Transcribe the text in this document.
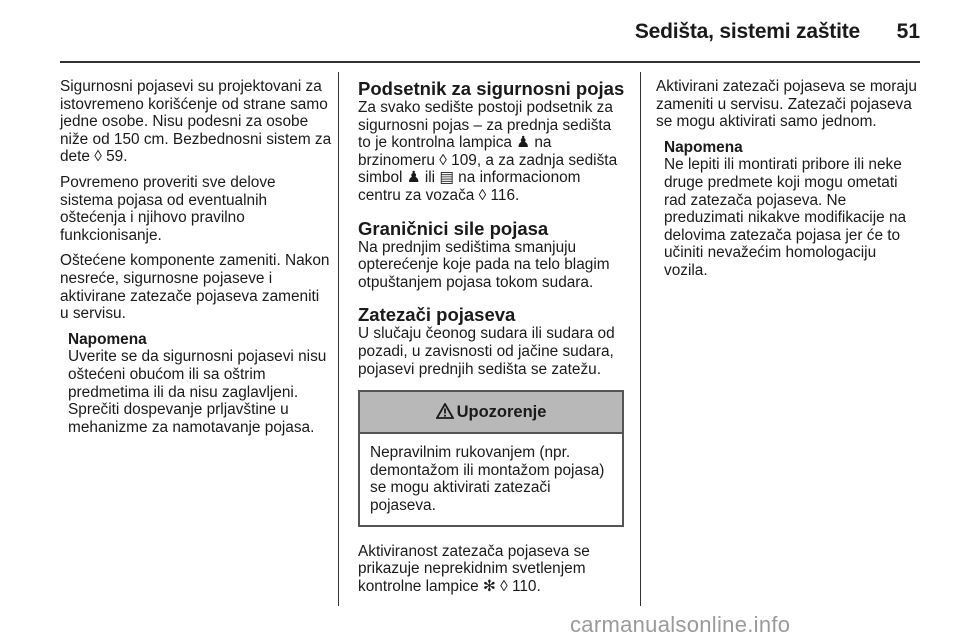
Sedišta, sistemi zaštite 51

Sigurnosni pojasevi su projektovani za istovremeno korišćenje od strane samo jedne osobe. Nisu podesni za osobe niže od 150 cm. Bezbednosni sistem za dete ◊ 59.

Povremeno proveriti sve delove sistema pojasa od eventualnih oštećenja i njihovo pravilno funkcionisanje.

Oštećene komponente zameniti. Nakon nesreće, sigurnosne pojaseve i aktivirane zatezače pojaseva zameniti u servisu.

Napomena
Uverite se da sigurnosni pojasevi nisu oštećeni obućom ili sa oštrim predmetima ili da nisu zaglavljeni. Sprečiti dospevanje prljavštine u mehanizme za namotavanje pojasa.
Podsetnik za sigurnosni pojas

Za svako sedište postoji podsetnik za sigurnosni pojas – za prednja sedišta to je kontrolna lampica ♟ na brzinomeru ◊ 109, a za zadnja sedišta simbol ♟ ili ▤ na informacionom centru za vozača ◊ 116.

Graničnici sile pojasa

Na prednjim sedištima smanjuju opterećenje koje pada na telo blagim otpuštanjem pojasa tokom sudara.

Zatezači pojaseva

U slučaju čeonog sudara ili sudara od pozadi, u zavisnosti od jačine sudara, pojasevi prednjih sedišta se zatežu.

Upozorenje
Nepravilnim rukovanjem (npr. demontažom ili montažom pojasa) se mogu aktivirati zatezači pojaseva.

Aktiviranost zatezača pojaseva se prikazuje neprekidnim svetlenjem kontrolne lampice ✻ ◊ 110.

Aktivirani zatezači pojaseva se moraju zameniti u servisu. Zatezači pojaseva se mogu aktivirati samo jednom.

Napomena
Ne lepiti ili montirati pribore ili neke druge predmete koji mogu ometati rad zatezača pojaseva. Ne preduzimati nikakve modifikacije na delovima zatezača pojasa jer će to učiniti nevažećim homologaciju vozila.
carmanualsonline.info
